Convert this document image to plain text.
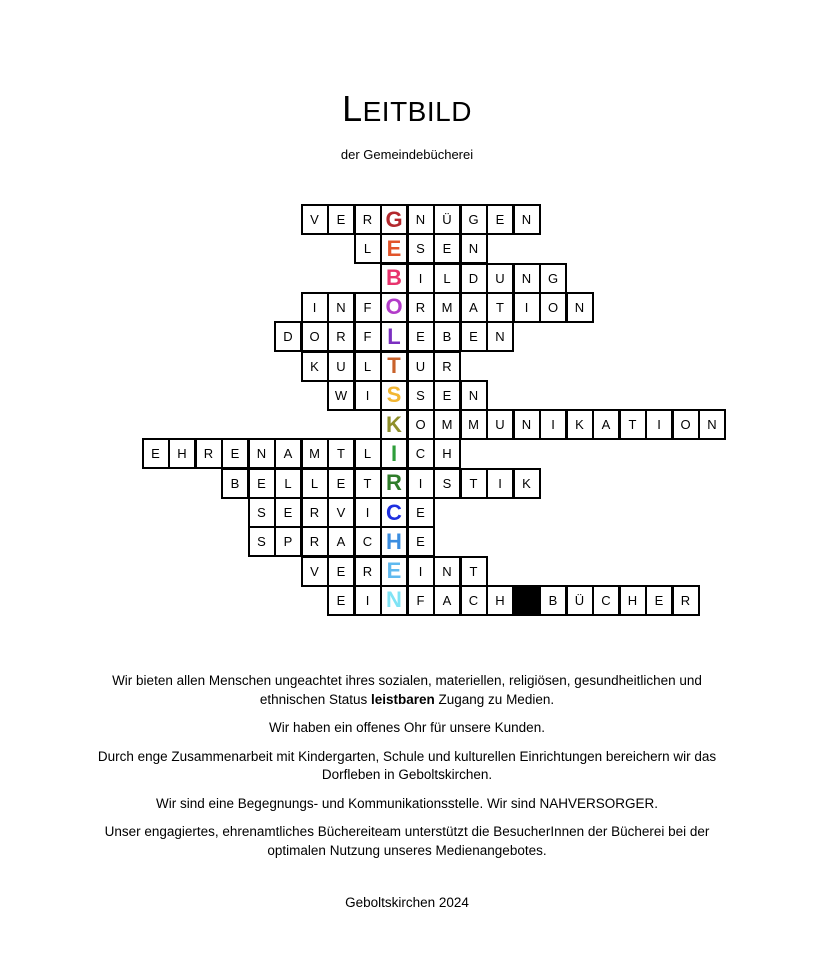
LEITBILD
der Gemeindebücherei
V	E	R G	N	Ü	G	E	N
L E	S	E	N
B	I	L	D	U	N	G
I	N	F O	R	M	A	T	I	O	N
D	O	R	F L	E	B	E	N
K	U	L T	U	R
W	I S	S	E	N
K	O	M	M	U	N	I	K	A	T	I	O	N
E	H	R	E	N	A	M	T	L I	C	H
B	E	L	L	E	T R	I	S	T	I	K
S	E	R	V	I C	E
S	P	R	A	C H	E
V	E	R E	I	N	T
E	I N	F	A	C	H	B	Ü	C	H	E	R

Wir bieten allen Menschen ungeachtet ihres sozialen, materiellen, religiösen, gesundheitlichen und ethnischen Status leistbaren Zugang zu Medien.

Wir haben ein offenes Ohr für unsere Kunden.

Durch enge Zusammenarbeit mit Kindergarten, Schule und kulturellen Einrichtungen bereichern wir das Dorfleben in Geboltskirchen.

Wir sind eine Begegnungs- und Kommunikationsstelle. Wir sind NAHVERSORGER.

Unser engagiertes, ehrenamtliches Büchereiteam unterstützt die BesucherInnen der Bücherei bei der optimalen Nutzung unseres Medienangebotes.

Geboltskirchen 2024
